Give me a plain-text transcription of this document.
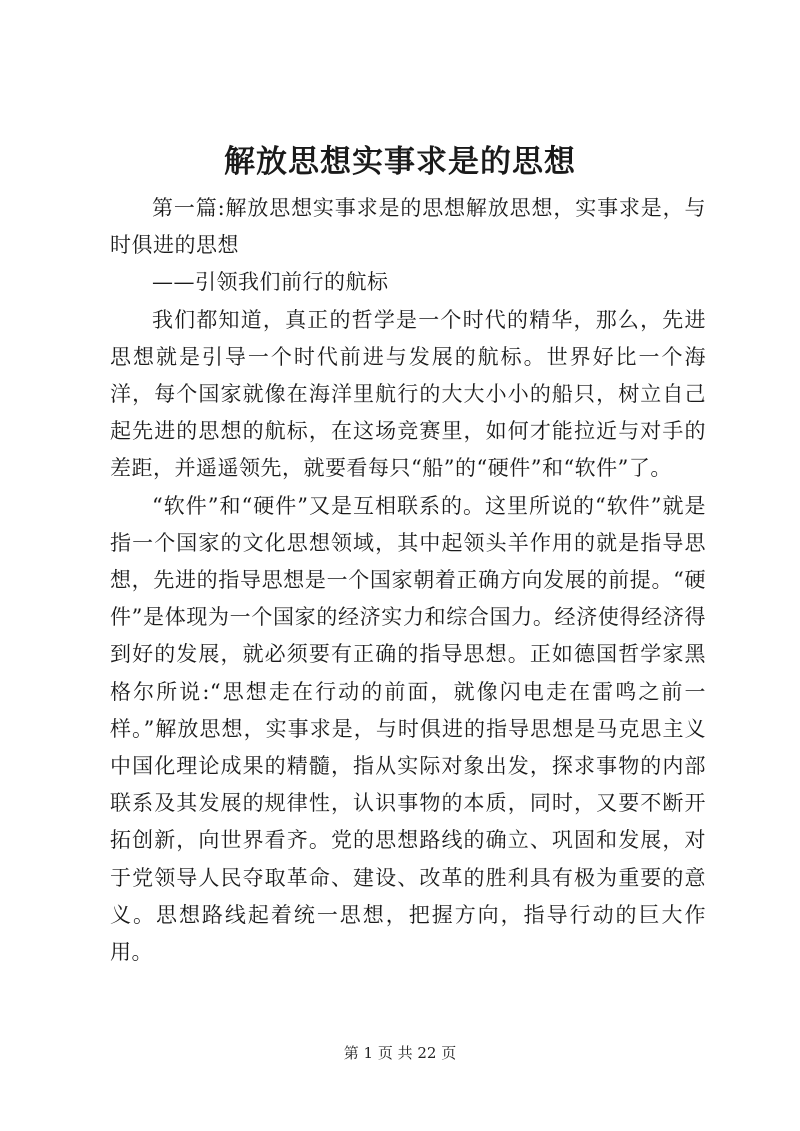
解放思想实事求是的思想

第一篇:解放思想实事求是的思想解放思想，实事求是，与时俱进的思想

——引领我们前行的航标

我们都知道，真正的哲学是一个时代的精华，那么，先进思想就是引导一个时代前进与发展的航标。世界好比一个海洋，每个国家就像在海洋里航行的大大小小的船只，树立自己起先进的思想的航标，在这场竞赛里，如何才能拉近与对手的差距，并遥遥领先，就要看每只“船”的“硬件”和“软件”了。

“软件”和“硬件”又是互相联系的。这里所说的“软件”就是指一个国家的文化思想领域，其中起领头羊作用的就是指导思想，先进的指导思想是一个国家朝着正确方向发展的前提。“硬件”是体现为一个国家的经济实力和综合国力。经济使得经济得到好的发展，就必须要有正确的指导思想。正如德国哲学家黑格尔所说:“思想走在行动的前面，就像闪电走在雷鸣之前一样。”解放思想，实事求是，与时俱进的指导思想是马克思主义中国化理论成果的精髓，指从实际对象出发，探求事物的内部联系及其发展的规律性，认识事物的本质，同时，又要不断开拓创新，向世界看齐。党的思想路线的确立、巩固和发展，对于党领导人民夺取革命、建设、改革的胜利具有极为重要的意义。思想路线起着统一思想，把握方向，指导行动的巨大作用。

第 1 页 共 22 页
